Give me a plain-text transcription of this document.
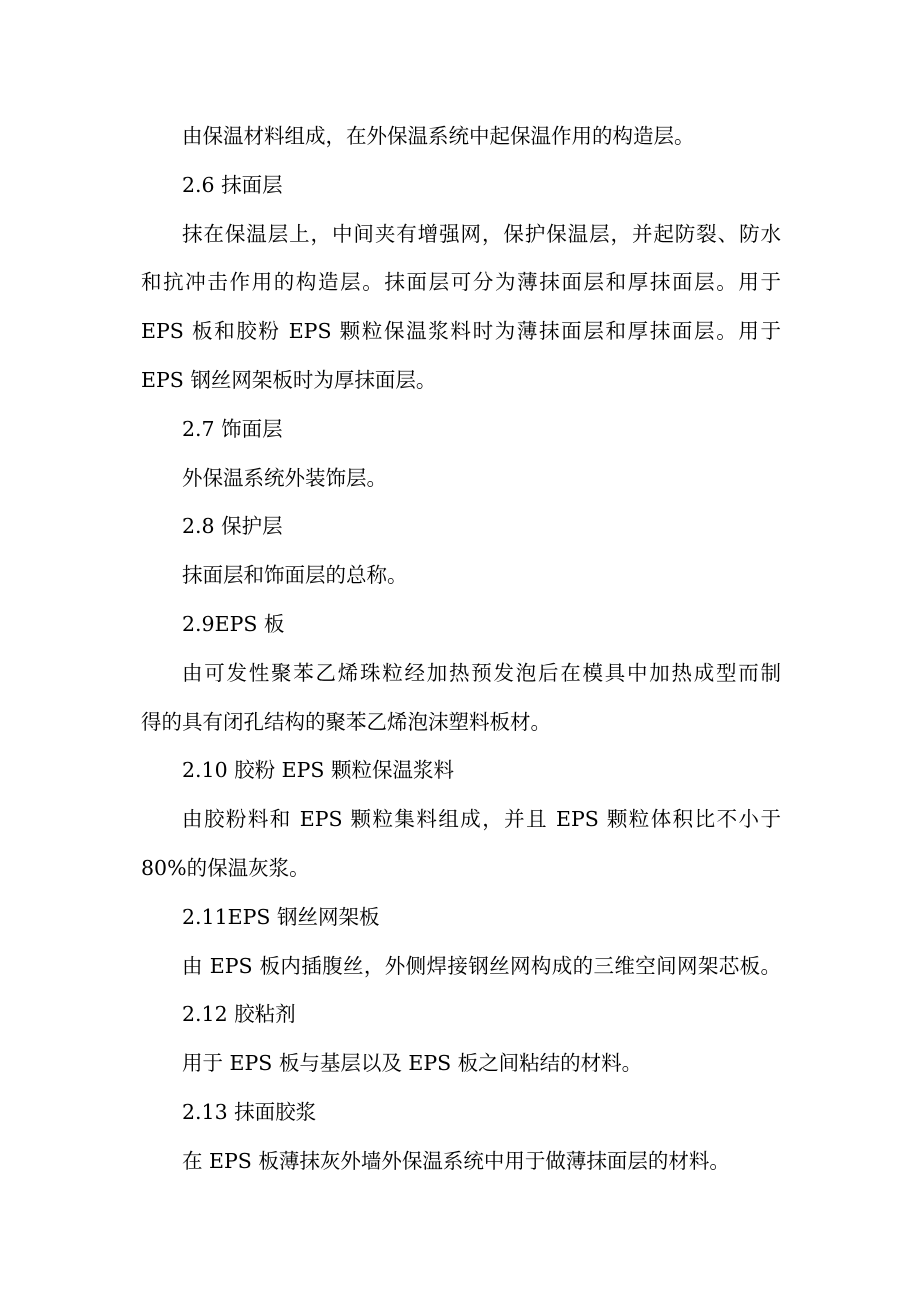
由保温材料组成，在外保温系统中起保温作用的构造层。
2.6 抹面层
抹在保温层上，中间夹有增强网，保护保温层，并起防裂、防水
和抗冲击作用的构造层。抹面层可分为薄抹面层和厚抹面层。用于
EPS 板和胶粉 EPS 颗粒保温浆料时为薄抹面层和厚抹面层。用于
EPS 钢丝网架板时为厚抹面层。
2.7 饰面层
外保温系统外装饰层。
2.8 保护层
抹面层和饰面层的总称。
2.9EPS 板
由可发性聚苯乙烯珠粒经加热预发泡后在模具中加热成型而制
得的具有闭孔结构的聚苯乙烯泡沫塑料板材。
2.10 胶粉 EPS 颗粒保温浆料
由胶粉料和 EPS 颗粒集料组成，并且 EPS 颗粒体积比不小于
80%的保温灰浆。
2.11EPS 钢丝网架板
由 EPS 板内插腹丝，外侧焊接钢丝网构成的三维空间网架芯板。
2.12 胶粘剂
用于 EPS 板与基层以及 EPS 板之间粘结的材料。
2.13 抹面胶浆
在 EPS 板薄抹灰外墙外保温系统中用于做薄抹面层的材料。
